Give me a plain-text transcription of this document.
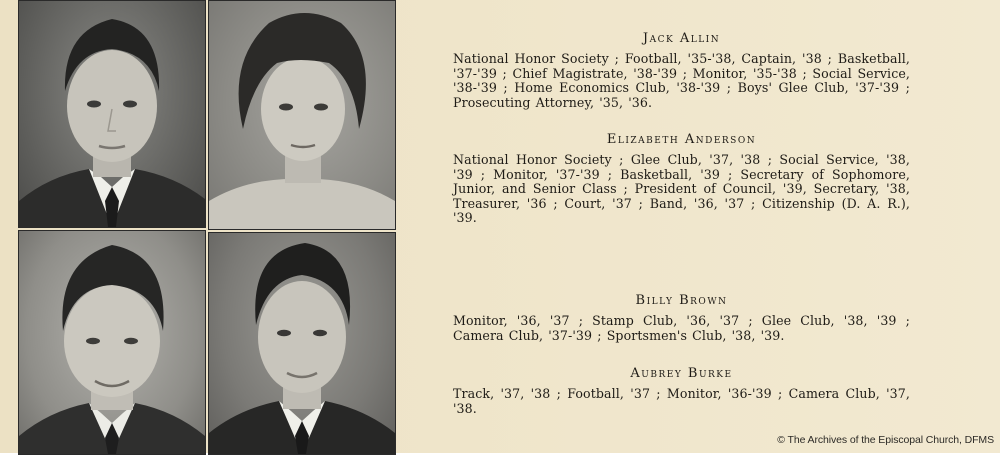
Jack Allin

National Honor Society ; Football, '35-'38, Captain, '38 ; Basketball, '37-'39 ; Chief Magistrate, '38-'39 ; Monitor, '35-'38 ; Social Service, '38-'39 ; Home Economics Club, '38-'39 ; Boys' Glee Club, '37-'39 ; Prosecuting Attorney, '35, '36.

Elizabeth Anderson

National Honor Society ; Glee Club, '37, '38 ; Social Service, '38, '39 ; Monitor, '37-'39 ; Basketball, '39 ; Secretary of Sophomore, Junior, and Senior Class ; President of Council, '39, Secretary, '38, Treasurer, '36 ; Court, '37 ; Band, '36, '37 ; Citizenship (D. A. R.), '39.

Billy Brown

Monitor, '36, '37 ; Stamp Club, '36, '37 ; Glee Club, '38, '39 ; Camera Club, '37-'39 ; Sportsmen's Club, '38, '39.

Aubrey Burke

Track, '37, '38 ; Football, '37 ; Monitor, '36-'39 ; Camera Club, '37, '38.

© The Archives of the Episcopal Church, DFMS
